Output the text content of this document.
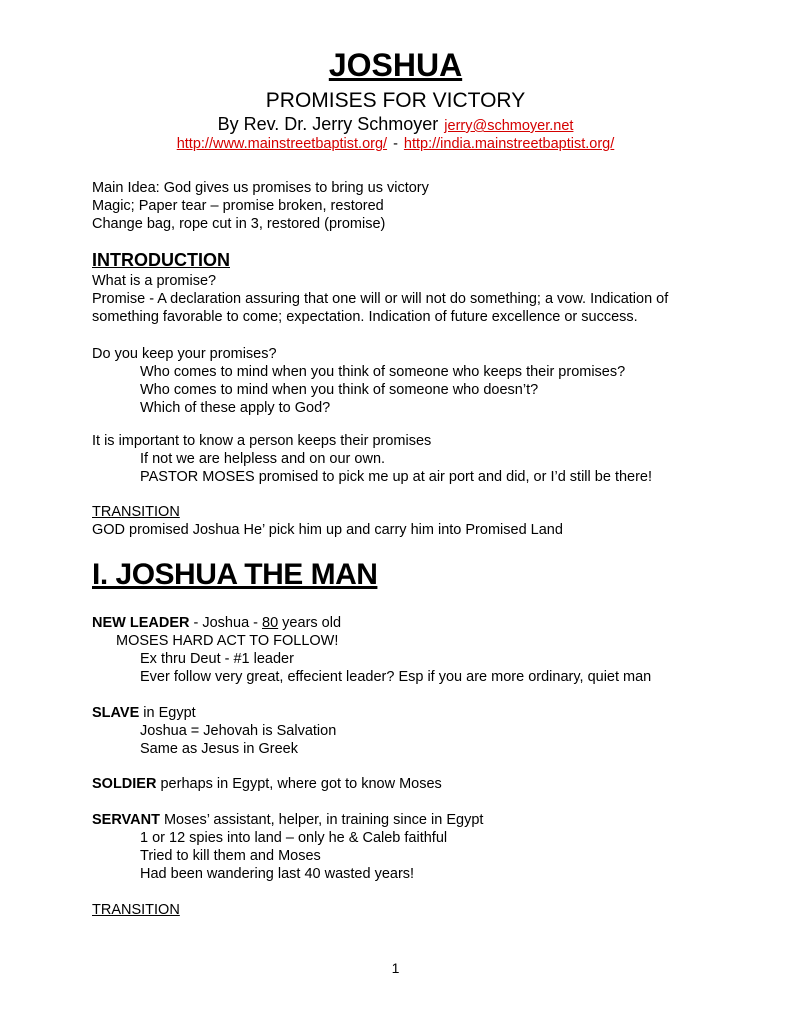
JOSHUA
PROMISES FOR VICTORY
By Rev. Dr. Jerry Schmoyer jerry@schmoyer.net
http://www.mainstreetbaptist.org/ - http://india.mainstreetbaptist.org/
Main Idea: God gives us promises to bring us victory
Magic; Paper tear – promise broken, restored
Change bag, rope cut in 3, restored (promise)
INTRODUCTION
What is a promise?
Promise - A declaration assuring that one will or will not do something; a vow. Indication of
something favorable to come; expectation. Indication of future excellence or success.
Do you keep your promises?
Who comes to mind when you think of someone who keeps their promises?
Who comes to mind when you think of someone who doesn’t?
Which of these apply to God?
It is important to know a person keeps their promises
If not we are helpless and on our own.
PASTOR MOSES promised to pick me up at air port and did, or I’d still be there!
TRANSITION
GOD promised Joshua He’ pick him up and carry him into Promised Land
I. JOSHUA THE MAN
NEW LEADER - Joshua - 80 years old
MOSES HARD ACT TO FOLLOW!
Ex thru Deut - #1 leader
Ever follow very great, effecient leader? Esp if you are more ordinary, quiet man
SLAVE in Egypt
Joshua = Jehovah is Salvation
Same as Jesus in Greek
SOLDIER perhaps in Egypt, where got to know Moses
SERVANT Moses’ assistant, helper, in training since in Egypt
1 or 12 spies into land – only he & Caleb faithful
Tried to kill them and Moses
Had been wandering last 40 wasted years!
TRANSITION
1
